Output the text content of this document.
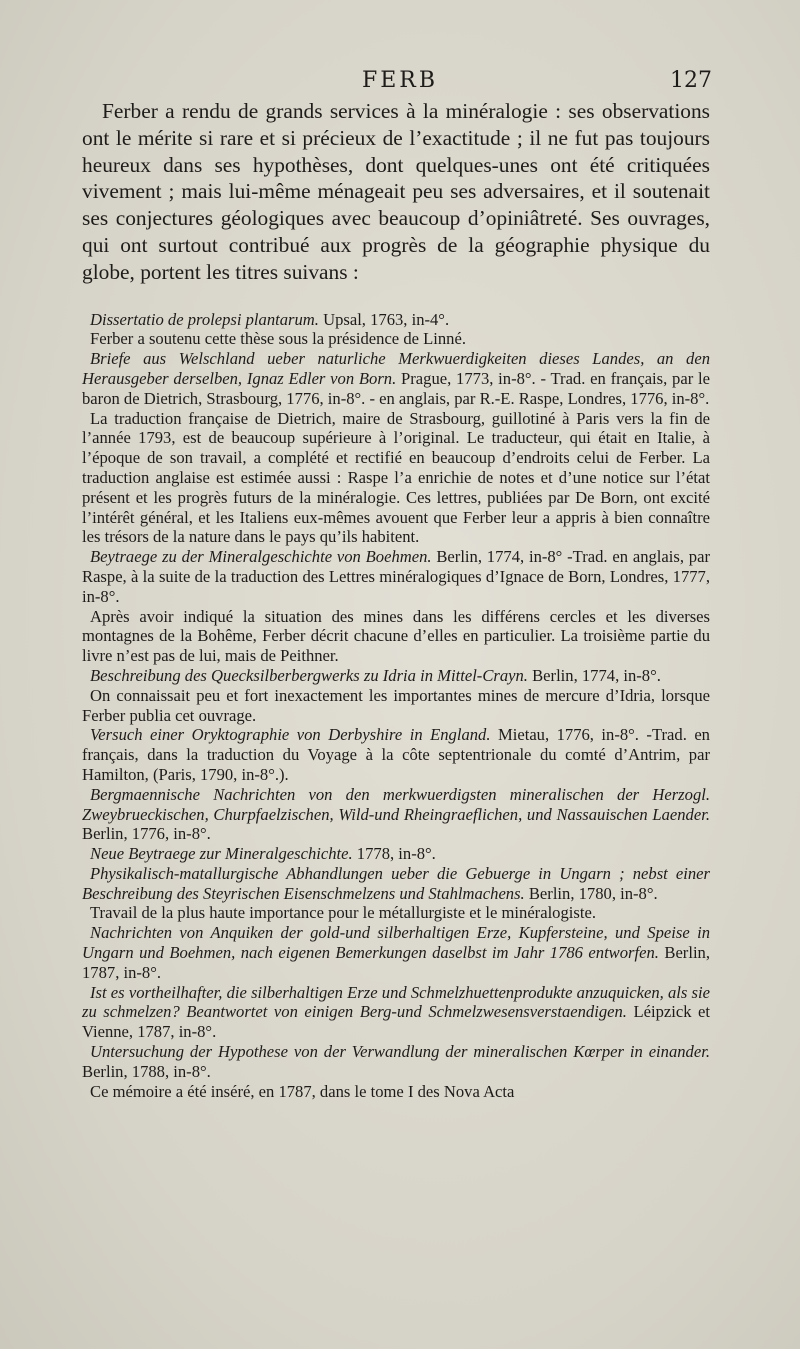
FERB	127

Ferber a rendu de grands services à la minéralogie : ses observations ont le mérite si rare et si précieux de l’exactitude ; il ne fut pas toujours heureux dans ses hypothèses, dont quelques-unes ont été critiquées vivement ; mais lui-même ménageait peu ses adversaires, et il soutenait ses conjectures géologiques avec beaucoup d’opiniâtreté. Ses ouvrages, qui ont surtout contribué aux progrès de la géographie physique du globe, portent les titres suivans :

Dissertatio de prolepsi plantarum. Upsal, 1763, in-4°.

Ferber a soutenu cette thèse sous la présidence de Linné.

Briefe aus Welschland ueber naturliche Merkwuerdigkeiten dieses Landes, an den Herausgeber derselben, Ignaz Edler von Born. Prague, 1773, in-8°. - Trad. en français, par le baron de Dietrich, Strasbourg, 1776, in-8°. - en anglais, par R.-E. Raspe, Londres, 1776, in-8°.

La traduction française de Dietrich, maire de Strasbourg, guillotiné à Paris vers la fin de l’année 1793, est de beaucoup supérieure à l’original. Le traducteur, qui était en Italie, à l’époque de son travail, a complété et rectifié en beaucoup d’endroits celui de Ferber. La traduction anglaise est estimée aussi : Raspe l’a enrichie de notes et d’une notice sur l’état présent et les progrès futurs de la minéralogie. Ces lettres, publiées par De Born, ont excité l’intérêt général, et les Italiens eux-mêmes avouent que Ferber leur a appris à bien connaître les trésors de la nature dans le pays qu’ils habitent.

Beytraege zu der Mineralgeschichte von Boehmen. Berlin, 1774, in-8° -Trad. en anglais, par Raspe, à la suite de la traduction des Lettres minéralogiques d’Ignace de Born, Londres, 1777, in-8°.

Après avoir indiqué la situation des mines dans les différens cercles et les diverses montagnes de la Bohême, Ferber décrit chacune d’elles en particulier. La troisième partie du livre n’est pas de lui, mais de Peithner.

Beschreibung des Quecksilberbergwerks zu Idria in Mittel-Crayn. Berlin, 1774, in-8°.

On connaissait peu et fort inexactement les importantes mines de mercure d’Idria, lorsque Ferber publia cet ouvrage.

Versuch einer Oryktographie von Derbyshire in England. Mietau, 1776, in-8°. -Trad. en français, dans la traduction du Voyage à la côte septentrionale du comté d’Antrim, par Hamilton, (Paris, 1790, in-8°.).

Bergmaennische Nachrichten von den merkwuerdigsten mineralischen der Herzogl. Zweybrueckischen, Churpfaelzischen, Wild-und Rheingraeflichen, und Nassauischen Laender. Berlin, 1776, in-8°.

Neue Beytraege zur Mineralgeschichte. 1778, in-8°.

Physikalisch-matallurgische Abhandlungen ueber die Gebuerge in Ungarn ; nebst einer Beschreibung des Steyrischen Eisenschmelzens und Stahlmachens. Berlin, 1780, in-8°.

Travail de la plus haute importance pour le métallurgiste et le minéralogiste.

Nachrichten von Anquiken der gold-und silberhaltigen Erze, Kupfersteine, und Speise in Ungarn und Boehmen, nach eigenen Bemerkungen daselbst im Jahr 1786 entworfen. Berlin, 1787, in-8°.

Ist es vortheilhafter, die silberhaltigen Erze und Schmelzhuettenprodukte anzuquicken, als sie zu schmelzen? Beantwortet von einigen Berg-und Schmelzwesensverstaendigen. Léipzick et Vienne, 1787, in-8°.

Untersuchung der Hypothese von der Verwandlung der mineralischen Kœrper in einander. Berlin, 1788, in-8°.

Ce mémoire a été inséré, en 1787, dans le tome I des Nova Acta
